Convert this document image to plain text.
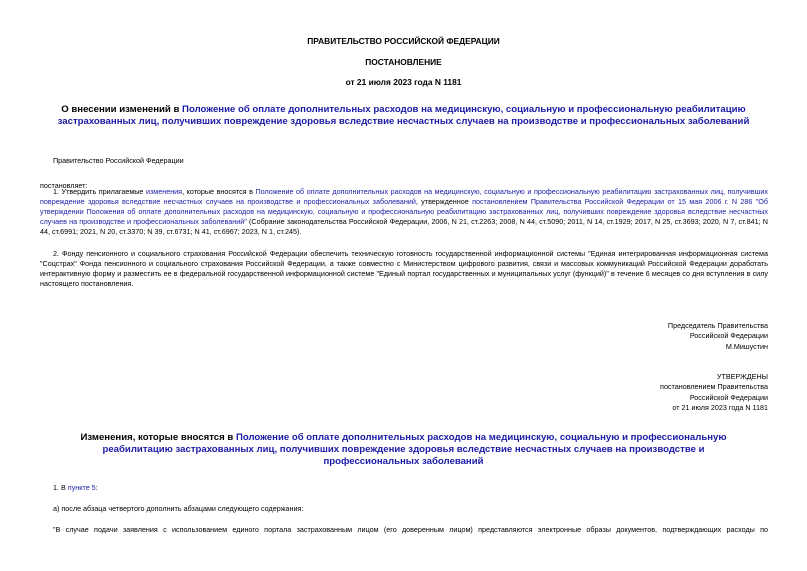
ПРАВИТЕЛЬСТВО РОССИЙСКОЙ ФЕДЕРАЦИИ
ПОСТАНОВЛЕНИЕ
от 21 июля 2023 года N 1181
О внесении изменений в Положение об оплате дополнительных расходов на медицинскую, социальную и профессиональную реабилитацию застрахованных лиц, получивших повреждение здоровья вследствие несчастных случаев на производстве и профессиональных заболеваний
Правительство Российской Федерации
постановляет:
1. Утвердить прилагаемые изменения, которые вносятся в Положение об оплате дополнительных расходов на медицинскую, социальную и профессиональную реабилитацию застрахованных лиц, получивших повреждение здоровья вследствие несчастных случаев на производстве и профессиональных заболеваний, утвержденное постановлением Правительства Российской Федерации от 15 мая 2006 г. N 286 "Об утверждении Положения об оплате дополнительных расходов на медицинскую, социальную и профессиональную реабилитацию застрахованных лиц, получивших повреждение здоровья вследствие несчастных случаев на производстве и профессиональных заболеваний" (Собрание законодательства Российской Федерации, 2006, N 21, ст.2263; 2008, N 44, ст.5090; 2011, N 14, ст.1929; 2017, N 25, ст.3693; 2020, N 7, ст.841; N 44, ст.6991; 2021, N 20, ст.3370; N 39, ст.6731; N 41, ст.6967; 2023, N 1, ст.245).
2. Фонду пенсионного и социального страхования Российской Федерации обеспечить техническую готовность государственной информационной системы "Единая интегрированная информационная система "Соцстрах" Фонда пенсионного и социального страхования Российской Федерации, а также совместно с Министерством цифрового развития, связи и массовых коммуникаций Российской Федерации доработать интерактивную форму и разместить ее в федеральной государственной информационной системе "Единый портал государственных и муниципальных услуг (функций)" в течение 6 месяцев со дня вступления в силу настоящего постановления.
Председатель Правительства
Российской Федерации
М.Мишустин
УТВЕРЖДЕНЫ
постановлением Правительства
Российской Федерации
от 21 июля 2023 года N 1181
Изменения, которые вносятся в Положение об оплате дополнительных расходов на медицинскую, социальную и профессиональную реабилитацию застрахованных лиц, получивших повреждение здоровья вследствие несчастных случаев на производстве и профессиональных заболеваний
1. В пункте 5:
а) после абзаца четвертого дополнить абзацами следующего содержания:
"В случае подачи заявления с использованием единого портала застрахованным лицом (его доверенным лицом) представляются электронные образы документов, подтверждающих расходы по
